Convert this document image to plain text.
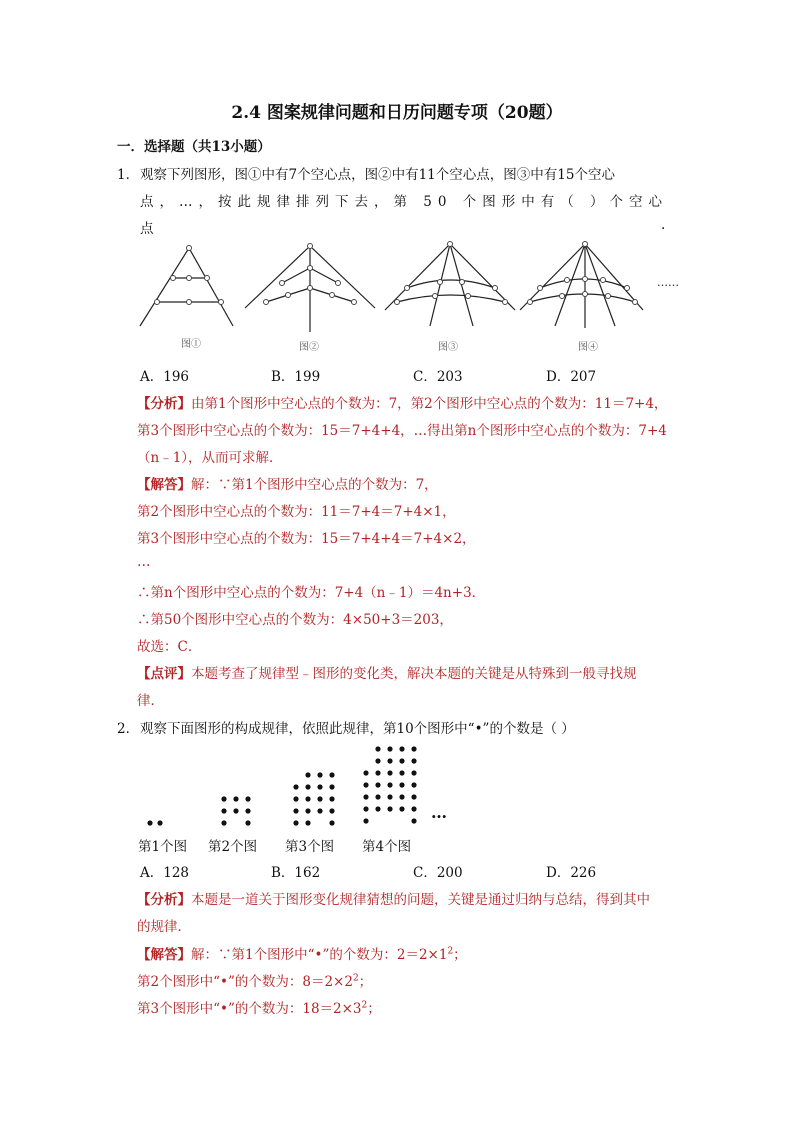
2.4 图案规律问题和日历问题专项（20题）
一．选择题（共13小题）
1． 观察下列图形，图①中有7个空心点，图②中有11个空心点，图③中有15个空心
点，…，按此规律排列下去，第 50 个图形中有（ ）个空心
点	.
图①	图②	图③	图④
……
A．196	B．199	C．203	D．207
【分析】由第1个图形中空心点的个数为：7，第2个图形中空心点的个数为：11＝7+4，
第3个图形中空心点的个数为：15＝7+4+4，…得出第n个图形中空心点的个数为：7+4
（n﹣1），从而可求解．
【解答】解：∵第1个图形中空心点的个数为：7，
第2个图形中空心点的个数为：11＝7+4＝7+4×1，
第3个图形中空心点的个数为：15＝7+4+4＝7+4×2，
…
∴第n个图形中空心点的个数为：7+4（n﹣1）＝4n+3．
∴第50个图形中空心点的个数为：4×50+3＝203，
故选：C．
【点评】本题考查了规律型﹣图形的变化类，解决本题的关键是从特殊到一般寻找规
律．
2． 观察下面图形的构成规律，依照此规律，第10个图形中“•”的个数是（ ）
…
第1个图 第2个图 第3个图 第4个图
A．128	B．162	C．200	D．226
【分析】本题是一道关于图形变化规律猜想的问题，关键是通过归纳与总结，得到其中
的规律．
【解答】解：∵第1个图形中“•”的个数为：$2=2\times 1^2$；
第2个图形中“•”的个数为：$8=2\times 2^2$；
第3个图形中“•”的个数为：$18=2\times 3^2$；
